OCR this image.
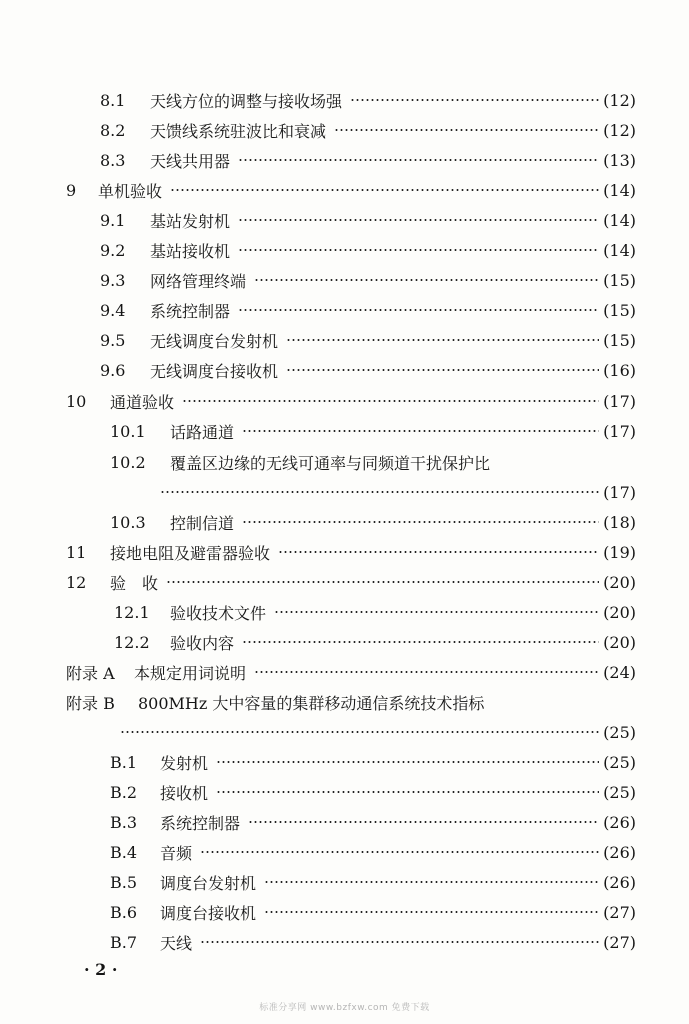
8.1	天线方位的调整与接收场强	(12)
8.2	天馈线系统驻波比和衰减	(12)
8.3	天线共用器	(13)
9	单机验收	(14)
9.1	基站发射机	(14)
9.2	基站接收机	(14)
9.3	网络管理终端	(15)
9.4	系统控制器	(15)
9.5	无线调度台发射机	(15)
9.6	无线调度台接收机	(16)
10	通道验收	(17)
10.1	话路通道	(17)
10.2	覆盖区边缘的无线可通率与同频道干扰保护比
(17)
10.3	控制信道	(18)
11	接地电阻及避雷器验收	(19)
12	验　收	(20)
12.1	验收技术文件	(20)
12.2	验收内容	(20)
附录 A	本规定用词说明	(24)
附录 B	800MHz 大中容量的集群移动通信系统技术指标
(25)
B.1	发射机	(25)
B.2	接收机	(25)
B.3	系统控制器	(26)
B.4	音频	(26)
B.5	调度台发射机	(26)
B.6	调度台接收机	(27)
B.7	天线	(27)
· 2 ·
标准分享网 www.bzfxw.com 免费下载
